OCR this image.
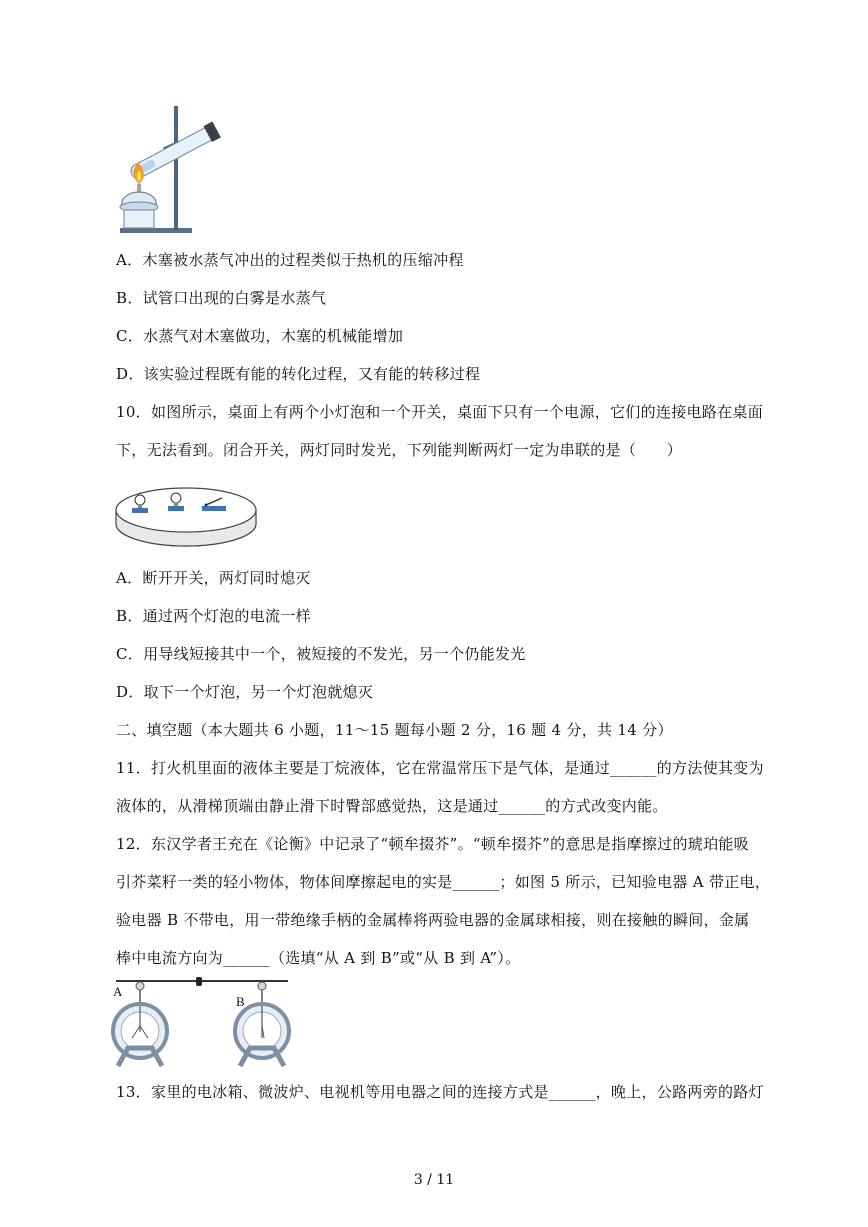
A．木塞被水蒸气冲出的过程类似于热机的压缩冲程
B．试管口出现的白雾是水蒸气
C．水蒸气对木塞做功，木塞的机械能增加
D．该实验过程既有能的转化过程，又有能的转移过程
10．如图所示，桌面上有两个小灯泡和一个开关，桌面下只有一个电源，它们的连接电路在桌面
下，无法看到。闭合开关，两灯同时发光，下列能判断两灯一定为串联的是（　　）
A．断开开关，两灯同时熄灭
B．通过两个灯泡的电流一样
C．用导线短接其中一个，被短接的不发光，另一个仍能发光
D．取下一个灯泡，另一个灯泡就熄灭
二、填空题（本大题共 6 小题，11～15 题每小题 2 分，16 题 4 分，共 14 分）
11．打火机里面的液体主要是丁烷液体，它在常温常压下是气体，是通过______的方法使其变为
液体的，从滑梯顶端由静止滑下时臀部感觉热，这是通过______的方式改变内能。
12．东汉学者王充在《论衡》中记录了“顿牟掇芥”。“顿牟掇芥”的意思是指摩擦过的琥珀能吸
引芥菜籽一类的轻小物体，物体间摩擦起电的实是______；如图 5 所示，已知验电器 A 带正电，
验电器 B 不带电，用一带绝缘手柄的金属棒将两验电器的金属球相接，则在接触的瞬间，金属
棒中电流方向为______（选填“从 A 到 B”或“从 B 到 A”）。
A
B
13．家里的电冰箱、微波炉、电视机等用电器之间的连接方式是______，晚上，公路两旁的路灯
3 / 11
